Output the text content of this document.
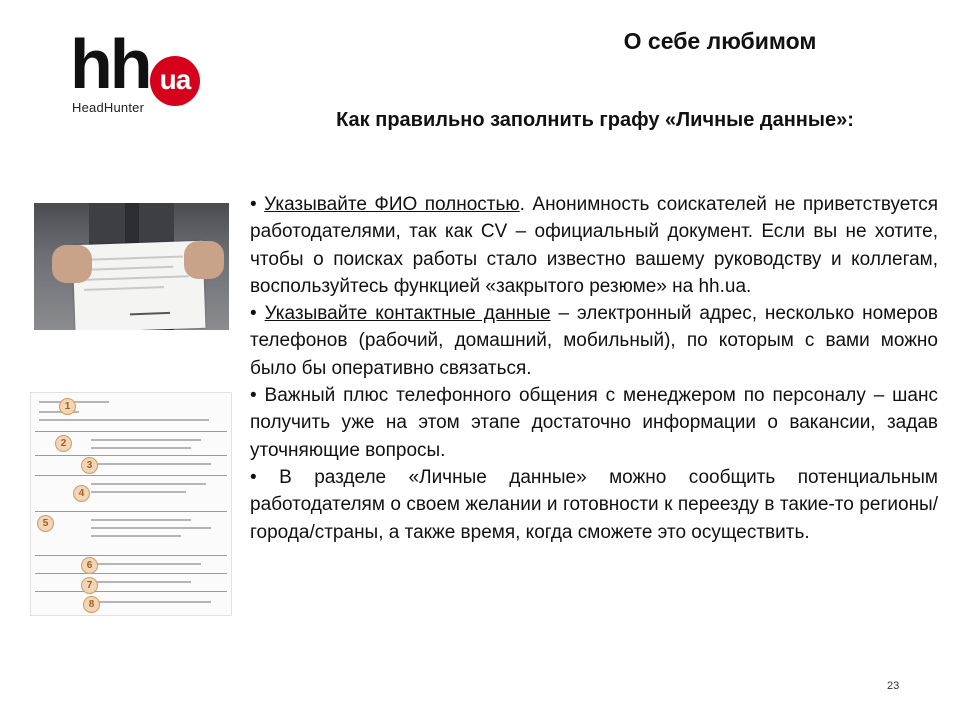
hh ua
HeadHunter
О себе любимом
Как правильно заполнить графу «Личные данные»:
1
2
3
4
5
6
7
8

• Указывайте ФИО полностью. Анонимность соискателей не приветствуется работодателями, так как CV – официальный документ. Если вы не хотите, чтобы о поисках работы стало известно вашему руководству и коллегам, воспользуйтесь функцией «закрытого резюме» на hh.ua.

• Указывайте контактные данные – электронный адрес, несколько номеров телефонов (рабочий, домашний, мобильный), по которым с вами можно было бы оперативно связаться.

• Важный плюс телефонного общения с менеджером по персоналу – шанс получить уже на этом этапе достаточно информации о вакансии, задав уточняющие вопросы.

• В разделе «Личные данные» можно сообщить потенциальным работодателям о своем желании и готовности к переезду в такие-то регионы/города/страны, а также время, когда сможете это осуществить.

23
